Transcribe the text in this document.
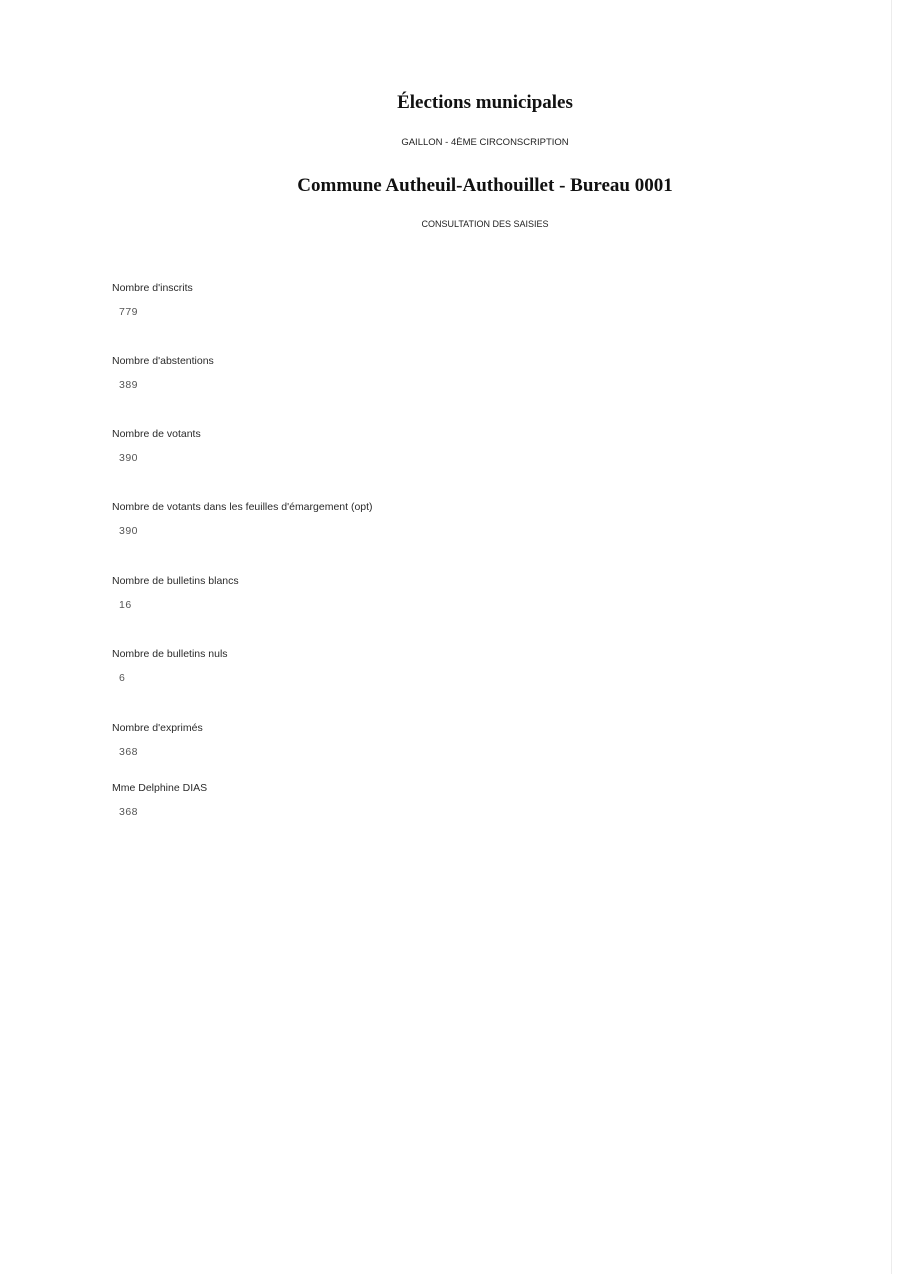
Élections municipales
GAILLON - 4ÈME CIRCONSCRIPTION
Commune Autheuil-Authouillet - Bureau 0001
CONSULTATION DES SAISIES
Nombre d'inscrits
779
Nombre d'abstentions
389
Nombre de votants
390
Nombre de votants dans les feuilles d'émargement (opt)
390
Nombre de bulletins blancs
16
Nombre de bulletins nuls
6
Nombre d'exprimés
368
Mme Delphine DIAS
368
